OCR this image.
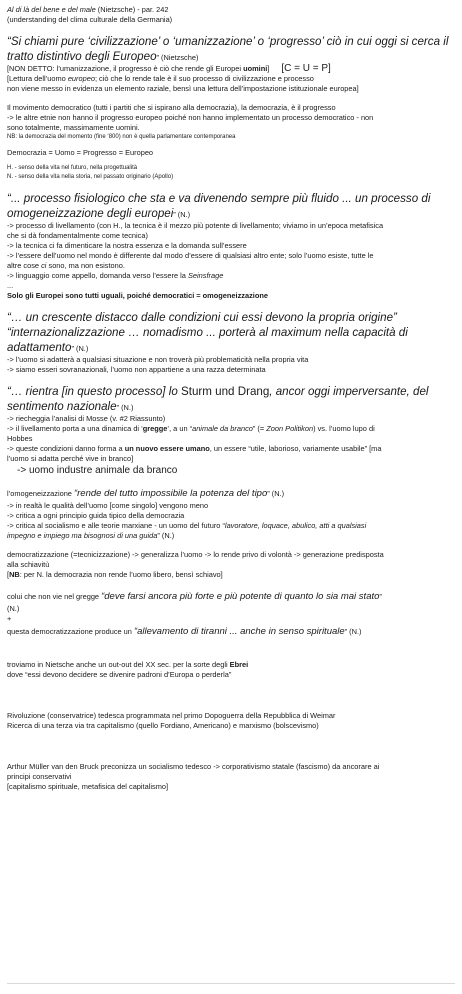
Al di là del bene e del male (Nietzsche) - par. 242
(understanding del clima culturale della Germania)
“Si chiami pure ‘civilizzazione’ o ‘umanizzazione’ o ‘progresso’ ciò in cui oggi si cerca il
tratto distintivo degli Europeo” (Nietzsche)
[NON DETTO: l’umanizzazione, il progresso è ciò che rende gli Europei uomini] [C = U = P]
[Lettura dell’uomo europeo; ciò che lo rende tale è il suo processo di civilizzazione e processo
non viene messo in evidenza un elemento raziale, bensì una lettura dell’impostazione istituzionale europea]
Il movimento democratico (tutti i partiti che si ispirano alla democrazia), la democrazia, è il progresso
-> le altre etnie non hanno il progresso europeo poiché non hanno implementato un processo democratico - non
sono totalmente, massimamente uomini.
NB: la democrazia del momento (fine ‘800) non è quella parlamentare contemporanea
Democrazia = Uomo = Progresso = Europeo
H. - senso della vita nel futuro, nella progettualità
N. - senso della vita nella storia, nel passato originario (Apollo)
“... processo fisiologico che sta e va divenendo sempre più fluido ... un processo di
omogeneizzazione degli europei” (N.)
-> processo di livellamento (con H., la tecnica è il mezzo più potente di livellamento; viviamo in un’epoca metafisica
che si dà fondamentalmente come tecnica)
-> la tecnica ci fa dimenticare la nostra essenza e la domanda sull’essere
-> l’essere dell’uomo nel mondo è differente dal modo d’essere di qualsiasi altro ente; solo l’uomo esiste, tutte le
altre cose ci sono, ma non esistono.
-> linguaggio come appello, domanda verso l’essere la Seinsfrage
...
Solo gli Europei sono tutti uguali, poiché democratici = omogeneizzazione
“… un crescente distacco dalle condizioni cui essi devono la propria origine”
“internazionalizzazione … nomadismo ... porterà al maximum nella capacità di
adattamento” (N.)
-> l’uomo si adatterà a qualsiasi situazione e non troverà più problematicità nella propria vita
-> siamo esseri sovranazionali, l’uomo non appartiene a una razza determinata
“… rientra [in questo processo] lo Sturm und Drang, ancor oggi imperversante, del
sentimento nazionale” (N.)
-> riecheggia l’analisi di Mosse (v. #2 Riassunto)
-> il livellamento porta a una dinamica di ‘gregge’, a un “animale da branco” (= Zoon Politikon) vs. l’uomo lupo di
Hobbes
-> queste condizioni danno forma a un nuovo essere umano, un essere “utile, laborioso, variamente usabile” [ma
l’uomo si adatta perché vive in branco]
-> uomo industre animale da branco
l’omogeneizzazione “rende del tutto impossibile la potenza del tipo” (N.)
-> in realtà le qualità dell’uomo [come singolo] vengono meno
-> critica a ogni principio guida tipico della democrazia
-> critica al socialismo e alle teorie marxiane - un uomo del futuro “lavoratore, loquace, abulico, atti a qualsiasi
impegno e impiego ma bisognosi di una guida” (N.)
democratizzazione (=tecnicizzazione) -> generalizza l’uomo -> lo rende privo di volontà -> generazione predisposta
alla schiavitù
[NB: per N. la democrazia non rende l’uomo libero, bensì schiavo]
colui che non vie nel gregge “deve farsi ancora più forte e più potente di quanto lo sia mai stato”
(N.)
+
questa democratizzazione produce un “allevamento di tiranni ... anche in senso spirituale” (N.)
troviamo in Nietsche anche un out-out del XX sec. per la sorte degli Ebrei
dove “essi devono decidere se divenire padroni d’Europa o perderla”
Rivoluzione (conservatrice) tedesca programmata nel primo Dopoguerra della Repubblica di Weimar
Ricerca di una terza via tra capitalismo (quello Fordiano, Americano) e marxismo (bolscevismo)
Arthur Müller van den Bruck preconizza un socialismo tedesco -> corporativismo statale (fascismo) da ancorare ai
principi conservativi
[capitalismo spirituale, metafisica del capitalismo]
